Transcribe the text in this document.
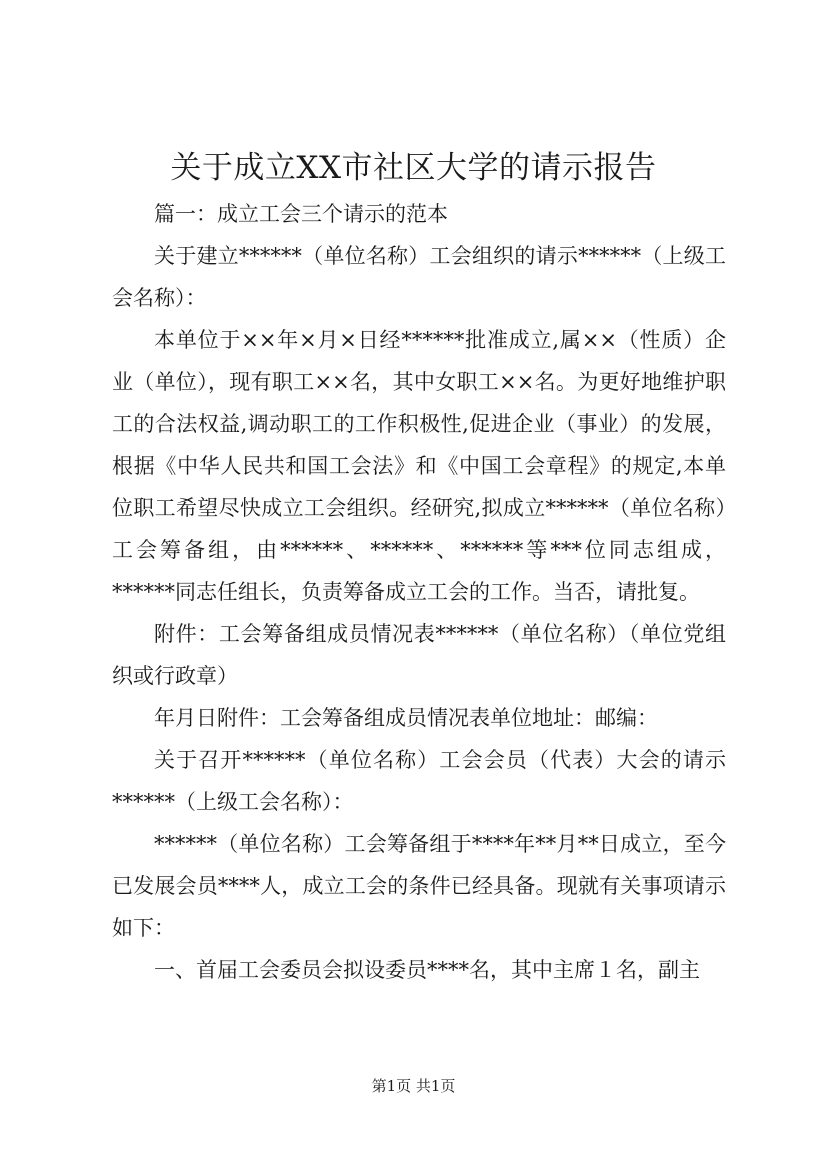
关于成立XX市社区大学的请示报告

篇一：成立工会三个请示的范本

关于建立******（单位名称）工会组织的请示******（上级工会名称）：

本单位于××年×月×日经******批准成立,属××（性质）企业（单位），现有职工××名，其中女职工××名。为更好地维护职工的合法权益,调动职工的工作积极性,促进企业（事业）的发展，根据《中华人民共和国工会法》和《中国工会章程》的规定,本单位职工希望尽快成立工会组织。经研究,拟成立******（单位名称）工会筹备组，由******、******、******等***位同志组成，******同志任组长，负责筹备成立工会的工作。当否，请批复。

附件：工会筹备组成员情况表******（单位名称）（单位党组织或行政章）

年月日附件：工会筹备组成员情况表单位地址：邮编：

关于召开******（单位名称）工会会员（代表）大会的请示******（上级工会名称）：

******（单位名称）工会筹备组于****年**月**日成立，至今已发展会员****人，成立工会的条件已经具备。现就有关事项请示如下：

一、首届工会委员会拟设委员****名，其中主席１名，副主

第1页 共1页
